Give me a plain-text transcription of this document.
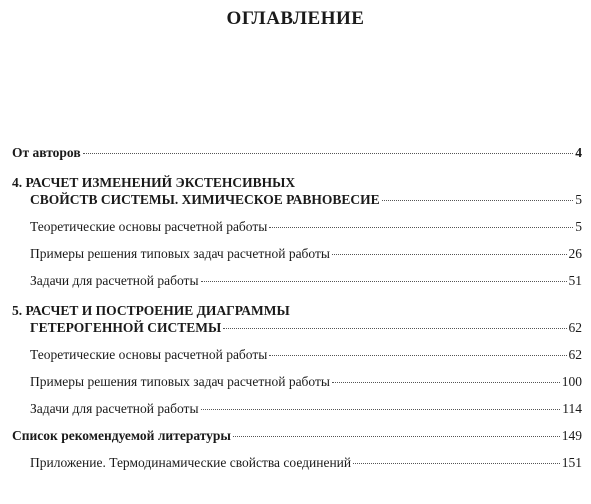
ОГЛАВЛЕНИЕ
От авторов	4
4. РАСЧЕТ ИЗМЕНЕНИЙ ЭКСТЕНСИВНЫХ
СВОЙСТВ СИСТЕМЫ. ХИМИЧЕСКОЕ РАВНОВЕСИЕ	5
Теоретические основы расчетной работы	5
Примеры решения типовых задач расчетной работы	26
Задачи для расчетной работы	51
5. РАСЧЕТ И ПОСТРОЕНИЕ ДИАГРАММЫ
ГЕТЕРОГЕННОЙ СИСТЕМЫ	62
Теоретические основы расчетной работы	62
Примеры решения типовых задач расчетной работы	100
Задачи для расчетной работы	114
Список рекомендуемой литературы	149
Приложение. Термодинамические свойства соединений	151
